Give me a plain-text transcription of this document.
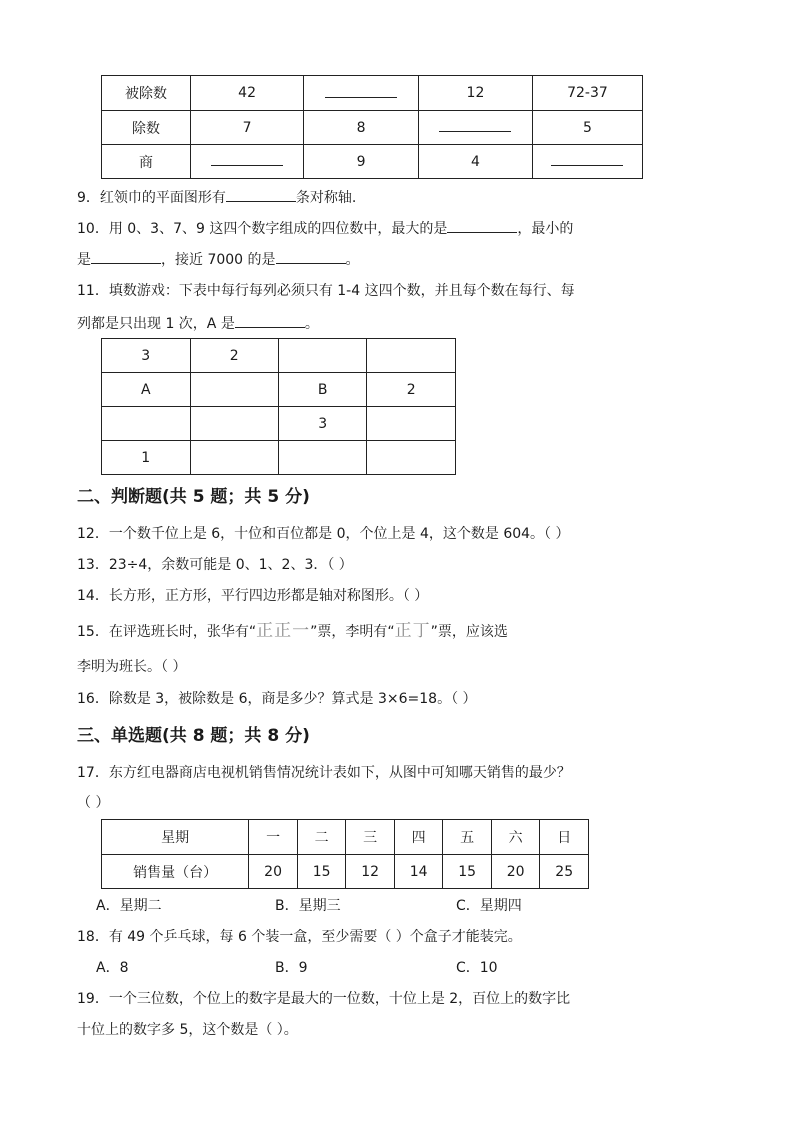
被除数	42		12	72-37
除数	7	8		5
商		9	4	
9．红领巾的平面图形有	条对称轴.
10．用 0、3、7、9 这四个数字组成的四位数中，最大的是	，最小的
是	，接近 7000 的是	。
11．填数游戏：下表中每行每列必须只有 1-4 这四个数，并且每个数在每行、每
列都是只出现 1 次，A 是	。
3	2		
A		B	2
		3	
1			
二、判断题(共 5 题；共 5 分)
12．一个数千位上是 6，十位和百位都是 0，个位上是 4，这个数是 604。（ ）
13．23÷4，余数可能是 0、1、2、3．（ ）
14．长方形，正方形，平行四边形都是轴对称图形。（ ）
15．在评选班长时，张华有“正正一”票，李明有“正丁”票，应该选
李明为班长。（ ）
16．除数是 3，被除数是 6，商是多少？算式是 3×6=18。（ ）
三、单选题(共 8 题；共 8 分)
17．东方红电器商店电视机销售情况统计表如下，从图中可知哪天销售的最少？
（ ）
星期	一	二	三	四	五	六	日
销售量（台）	20	15	12	14	15	20	25
A．星期二	B．星期三	C．星期四
18．有 49 个乒乓球，每 6 个装一盒，至少需要（ ）个盒子才能装完。
A．8	B．9	C．10
19．一个三位数，个位上的数字是最大的一位数，十位上是 2，百位上的数字比
十位上的数字多 5，这个数是（ ）。
